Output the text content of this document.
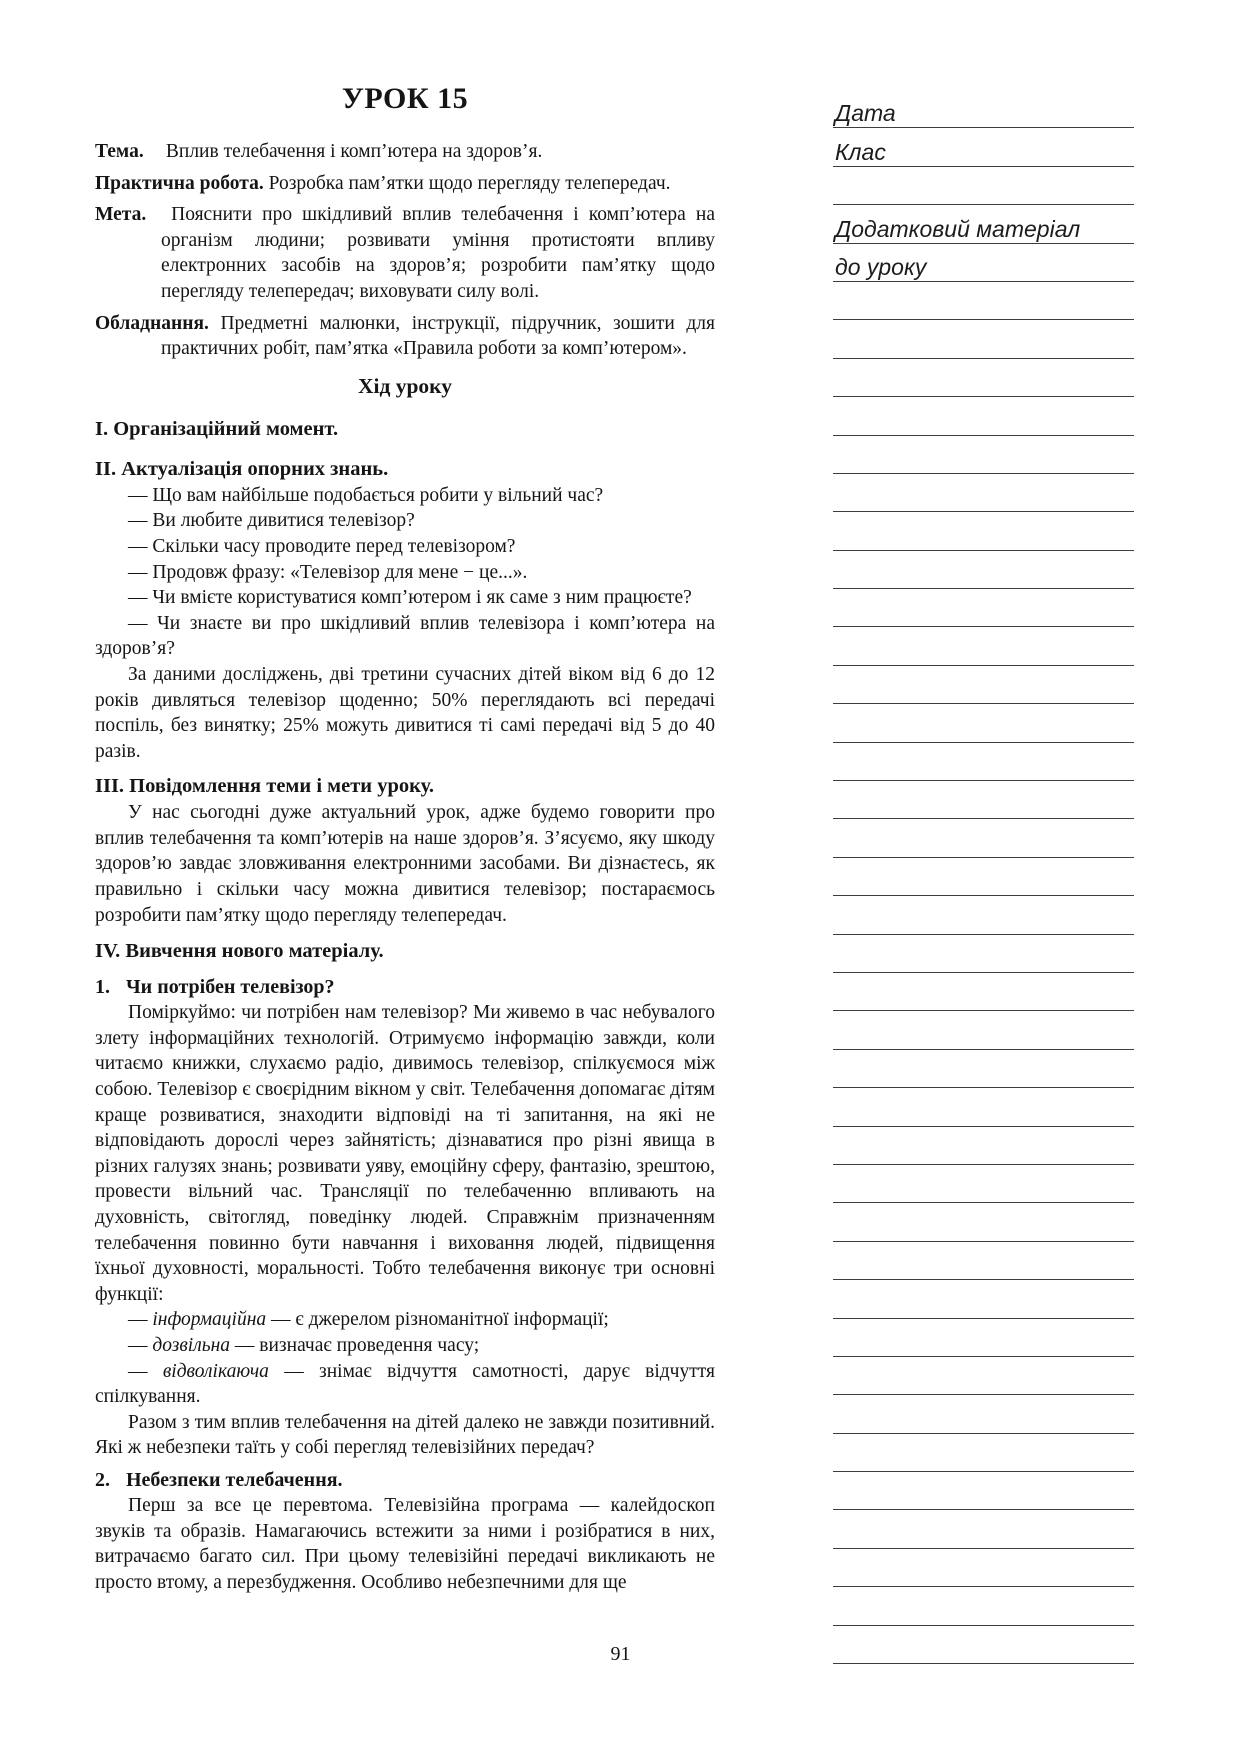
УРОК 15

Тема. Вплив телебачення і комп’ютера на здоров’я.

Практична робота. Розробка пам’ятки щодо перегляду телепередач.

Мета. Пояснити про шкідливий вплив телебачення і комп’ютера на організм людини; розвивати уміння протистояти впливу електронних засобів на здоров’я; розробити пам’ятку щодо перегляду телепередач; виховувати силу волі.

Обладнання. Предметні малюнки, інструкції, підручник, зошити для практичних робіт, пам’ятка «Правила роботи за комп’ютером».

Хід уроку

I. Організаційний момент.

II. Актуалізація опорних знань.

— Що вам найбільше подобається робити у вільний час?

— Ви любите дивитися телевізор?

— Скільки часу проводите перед телевізором?

— Продовж фразу: «Телевізор для мене − це...».

— Чи вмієте користуватися комп’ютером і як саме з ним працюєте?

— Чи знаєте ви про шкідливий вплив телевізора і комп’ютера на здоров’я?

За даними досліджень, дві третини сучасних дітей віком від 6 до 12 років дивляться телевізор щоденно; 50% переглядають всі передачі поспіль, без винятку; 25% можуть дивитися ті самі передачі від 5 до 40 разів.

III. Повідомлення теми і мети уроку.

У нас сьогодні дуже актуальний урок, адже будемо говорити про вплив телебачення та комп’ютерів на наше здоров’я. З’ясуємо, яку шкоду здоров’ю завдає зловживання електронними засобами. Ви дізнаєтесь, як правильно і скільки часу можна дивитися телевізор; постараємось розробити пам’ятку щодо перегляду телепередач.

IV. Вивчення нового матеріалу.

1. Чи потрібен телевізор?

Поміркуймо: чи потрібен нам телевізор? Ми живемо в час небувалого злету інформаційних технологій. Отримуємо інформацію завжди, коли читаємо книжки, слухаємо радіо, дивимось телевізор, спілкуємося між собою. Телевізор є своєрідним вікном у світ. Телебачення допомагає дітям краще розвиватися, знаходити відповіді на ті запитання, на які не відповідають дорослі через зайнятість; дізнаватися про різні явища в різних галузях знань; розвивати уяву, емоційну сферу, фантазію, зрештою, провести вільний час. Трансляції по телебаченню впливають на духовність, світогляд, поведінку людей. Справжнім призначенням телебачення повинно бути навчання і виховання людей, підвищення їхньої духовності, моральності. Тобто телебачення виконує три основні функції:

— інформаційна — є джерелом різноманітної інформації;

— дозвільна — визначає проведення часу;

— відволікаюча — знімає відчуття самотності, дарує відчуття спілкування.

Разом з тим вплив телебачення на дітей далеко не завжди позитивний. Які ж небезпеки таїть у собі перегляд телевізійних передач?

2. Небезпеки телебачення.

Перш за все це перевтома. Телевізійна програма — калейдоскоп звуків та образів. Намагаючись встежити за ними і розібратися в них, витрачаємо багато сил. При цьому телевізійні передачі викликають не просто втому, а перезбудження. Особливо небезпечними для ще

Дата
Клас
Додатковий матеріал
до уроку
91
